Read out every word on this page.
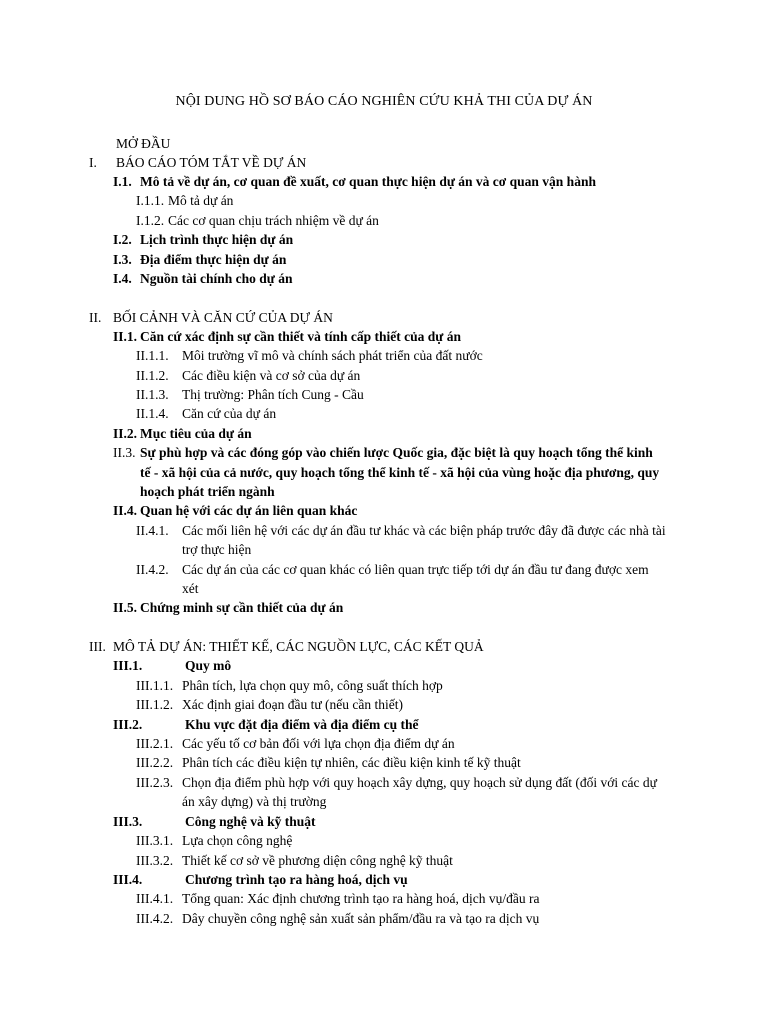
NỘI DUNG HỒ SƠ BÁO CÁO NGHIÊN CỨU KHẢ THI CỦA DỰ ÁN
MỞ ĐẦU
I. BÁO CÁO TÓM TẮT VỀ DỰ ÁN
I.1. Mô tả về dự án, cơ quan đề xuất, cơ quan thực hiện dự án và cơ quan vận hành
I.1.1. Mô tả dự án
I.1.2. Các cơ quan chịu trách nhiệm về dự án
I.2. Lịch trình thực hiện dự án
I.3. Địa điểm thực hiện dự án
I.4. Nguồn tài chính cho dự án
II. BỐI CẢNH VÀ CĂN CỨ CỦA DỰ ÁN
II.1. Căn cứ xác định sự cần thiết và tính cấp thiết của dự án
II.1.1. Môi trường vĩ mô và chính sách phát triển của đất nước
II.1.2. Các điều kiện và cơ sở của dự án
II.1.3. Thị trường: Phân tích Cung - Cầu
II.1.4. Căn cứ của dự án
II.2. Mục tiêu của dự án
II.3. Sự phù hợp và các đóng góp vào chiến lược Quốc gia, đặc biệt là quy hoạch tổng thể kinh
tế - xã hội của cả nước, quy hoạch tổng thể kinh tế - xã hội của vùng hoặc địa phương, quy
hoạch phát triển ngành
II.4. Quan hệ với các dự án liên quan khác
II.4.1. Các mối liên hệ với các dự án đầu tư khác và các biện pháp trước đây đã được các nhà tài
trợ thực hiện
II.4.2. Các dự án của các cơ quan khác có liên quan trực tiếp tới dự án đầu tư đang được xem
xét
II.5. Chứng minh sự cần thiết của dự án
III. MÔ TẢ DỰ ÁN: THIẾT KẾ, CÁC NGUỒN LỰC, CÁC KẾT QUẢ
III.1.	Quy mô
III.1.1. Phân tích, lựa chọn quy mô, công suất thích hợp
III.1.2. Xác định giai đoạn đầu tư (nếu cần thiết)
III.2.	Khu vực đặt địa điểm và địa điểm cụ thể
III.2.1. Các yếu tố cơ bản đối với lựa chọn địa điểm dự án
III.2.2. Phân tích các điều kiện tự nhiên, các điều kiện kinh tế kỹ thuật
III.2.3. Chọn địa điểm phù hợp với quy hoạch xây dựng, quy hoạch sử dụng đất (đối với các dự
án xây dựng) và thị trường
III.3.	Công nghệ và kỹ thuật
III.3.1. Lựa chọn công nghệ
III.3.2. Thiết kế cơ sở về phương diện công nghệ kỹ thuật
III.4.	Chương trình tạo ra hàng hoá, dịch vụ
III.4.1. Tổng quan: Xác định chương trình tạo ra hàng hoá, dịch vụ/đầu ra
III.4.2. Dây chuyền công nghệ sản xuất sản phẩm/đầu ra và tạo ra dịch vụ
